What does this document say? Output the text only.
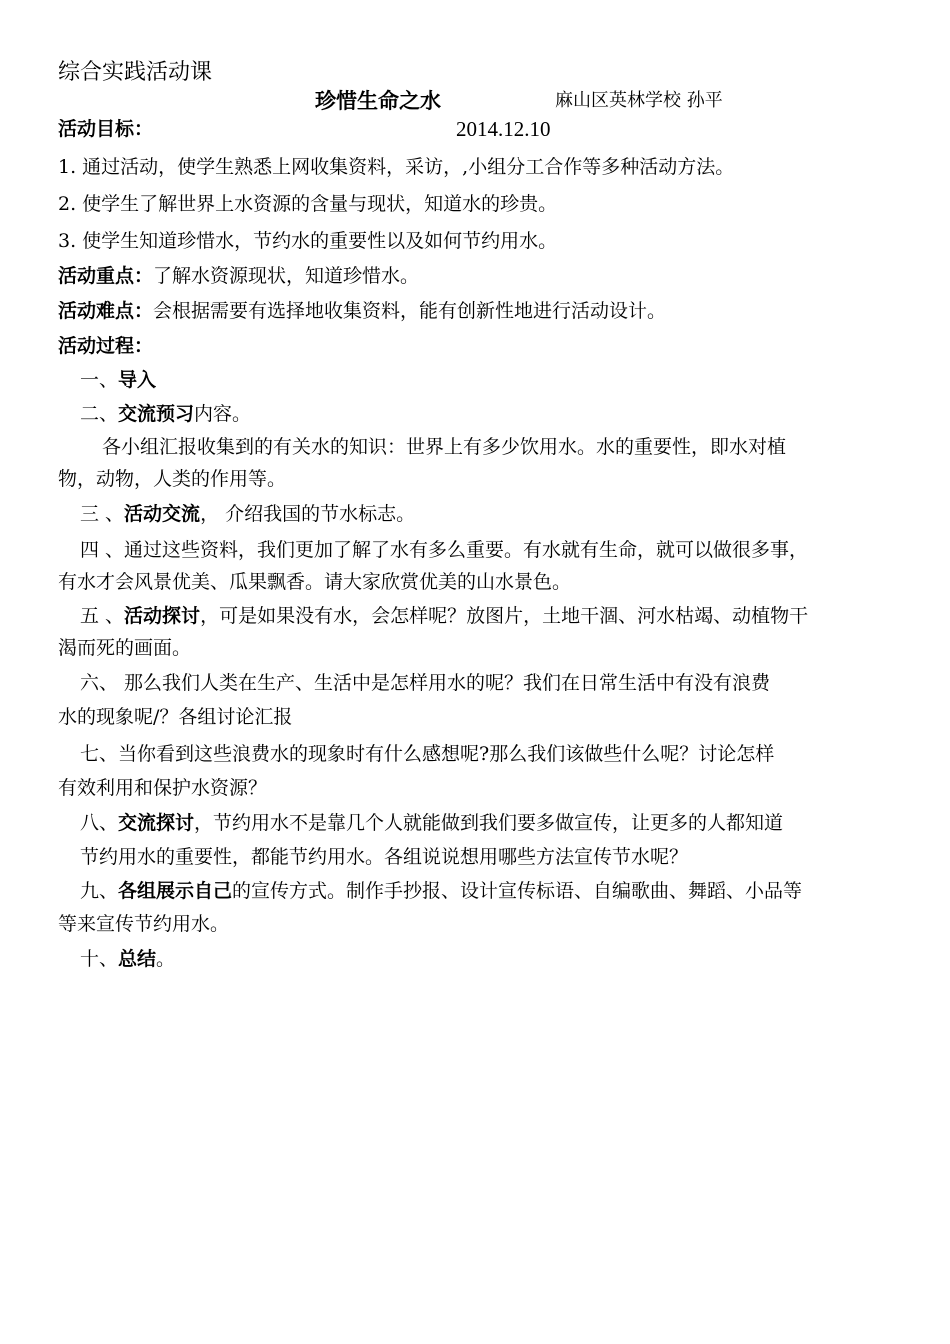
综合实践活动课
珍惜生命之水	麻山区英林学校 孙平
活动目标：	2014.12.10
1. 通过活动，使学生熟悉上网收集资料，采访，,小组分工合作等多种活动方法。
2. 使学生了解世界上水资源的含量与现状，知道水的珍贵。
3. 使学生知道珍惜水，节约水的重要性以及如何节约用水。
活动重点：了解水资源现状，知道珍惜水。
活动难点：会根据需要有选择地收集资料，能有创新性地进行活动设计。
活动过程：
一、导入
二、交流预习内容。
各小组汇报收集到的有关水的知识：世界上有多少饮用水。水的重要性，即水对植
物，动物，人类的作用等。
三 、活动交流， 介绍我国的节水标志。
四 、通过这些资料，我们更加了解了水有多么重要。有水就有生命，就可以做很多事，
有水才会风景优美、瓜果飘香。请大家欣赏优美的山水景色。
五 、活动探讨，可是如果没有水，会怎样呢？放图片，土地干涸、河水枯竭、动植物干
渴而死的画面。
六、 那么我们人类在生产、生活中是怎样用水的呢？我们在日常生活中有没有浪费
水的现象呢/？各组讨论汇报
七、当你看到这些浪费水的现象时有什么感想呢?那么我们该做些什么呢？讨论怎样
有效利用和保护水资源？
八、交流探讨，节约用水不是靠几个人就能做到我们要多做宣传，让更多的人都知道
节约用水的重要性，都能节约用水。各组说说想用哪些方法宣传节水呢？
九、各组展示自己的宣传方式。制作手抄报、设计宣传标语、自编歌曲、舞蹈、小品等
等来宣传节约用水。
十、总结。
